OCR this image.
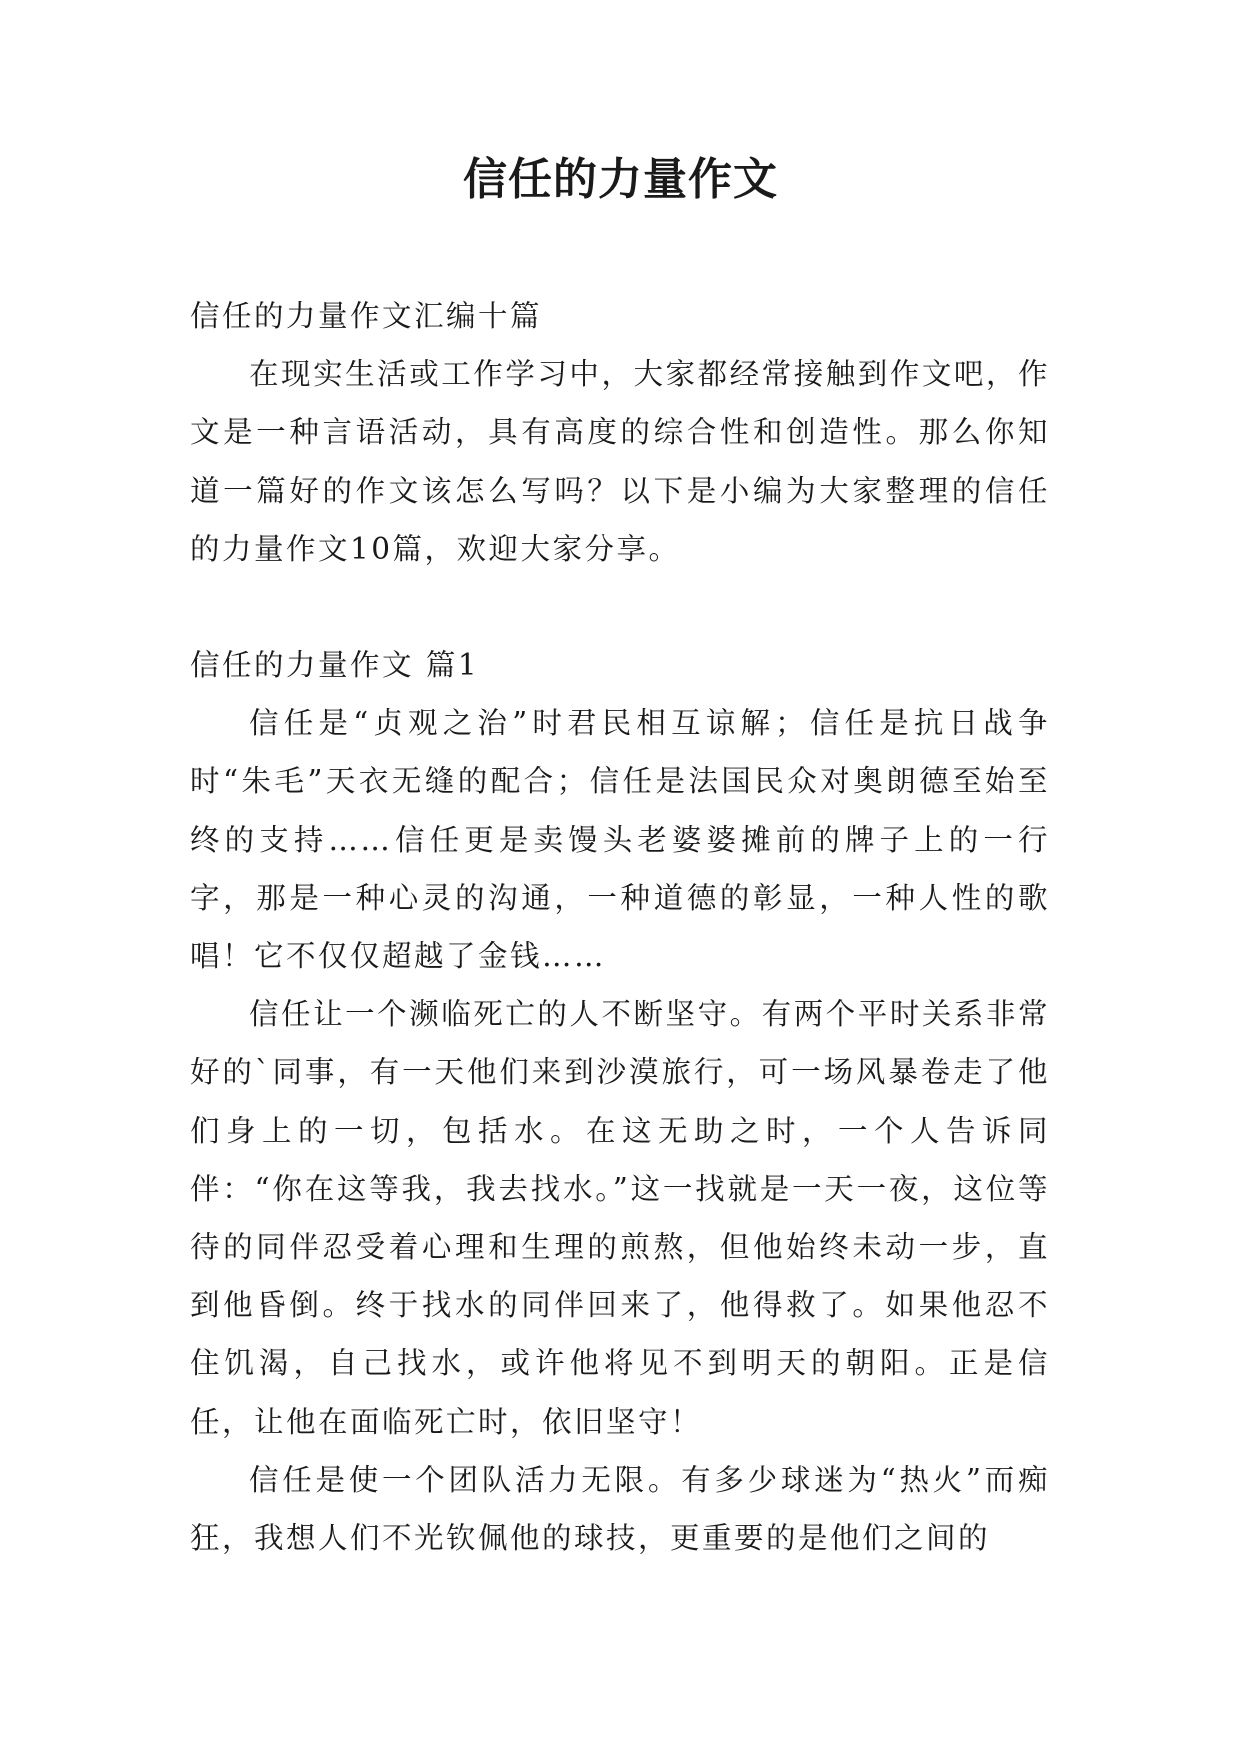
信任的力量作文

信任的力量作文汇编十篇

在现实生活或工作学习中，大家都经常接触到作文吧，作文是一种言语活动，具有高度的综合性和创造性。那么你知道一篇好的作文该怎么写吗？以下是小编为大家整理的信任的力量作文10篇，欢迎大家分享。

信任的力量作文 篇1

信任是“贞观之治”时君民相互谅解；信任是抗日战争时“朱毛”天衣无缝的配合；信任是法国民众对奥朗德至始至终的支持……信任更是卖馒头老婆婆摊前的牌子上的一行字，那是一种心灵的沟通，一种道德的彰显，一种人性的歌唱！它不仅仅超越了金钱……

信任让一个濒临死亡的人不断坚守。有两个平时关系非常好的`同事，有一天他们来到沙漠旅行，可一场风暴卷走了他们身上的一切，包括水。在这无助之时，一个人告诉同伴：“你在这等我，我去找水。”这一找就是一天一夜，这位等待的同伴忍受着心理和生理的煎熬，但他始终未动一步，直到他昏倒。终于找水的同伴回来了，他得救了。如果他忍不住饥渴，自己找水，或许他将见不到明天的朝阳。正是信任，让他在面临死亡时，依旧坚守！

信任是使一个团队活力无限。有多少球迷为“热火”而痴狂，我想人们不光钦佩他的球技，更重要的是他们之间的
